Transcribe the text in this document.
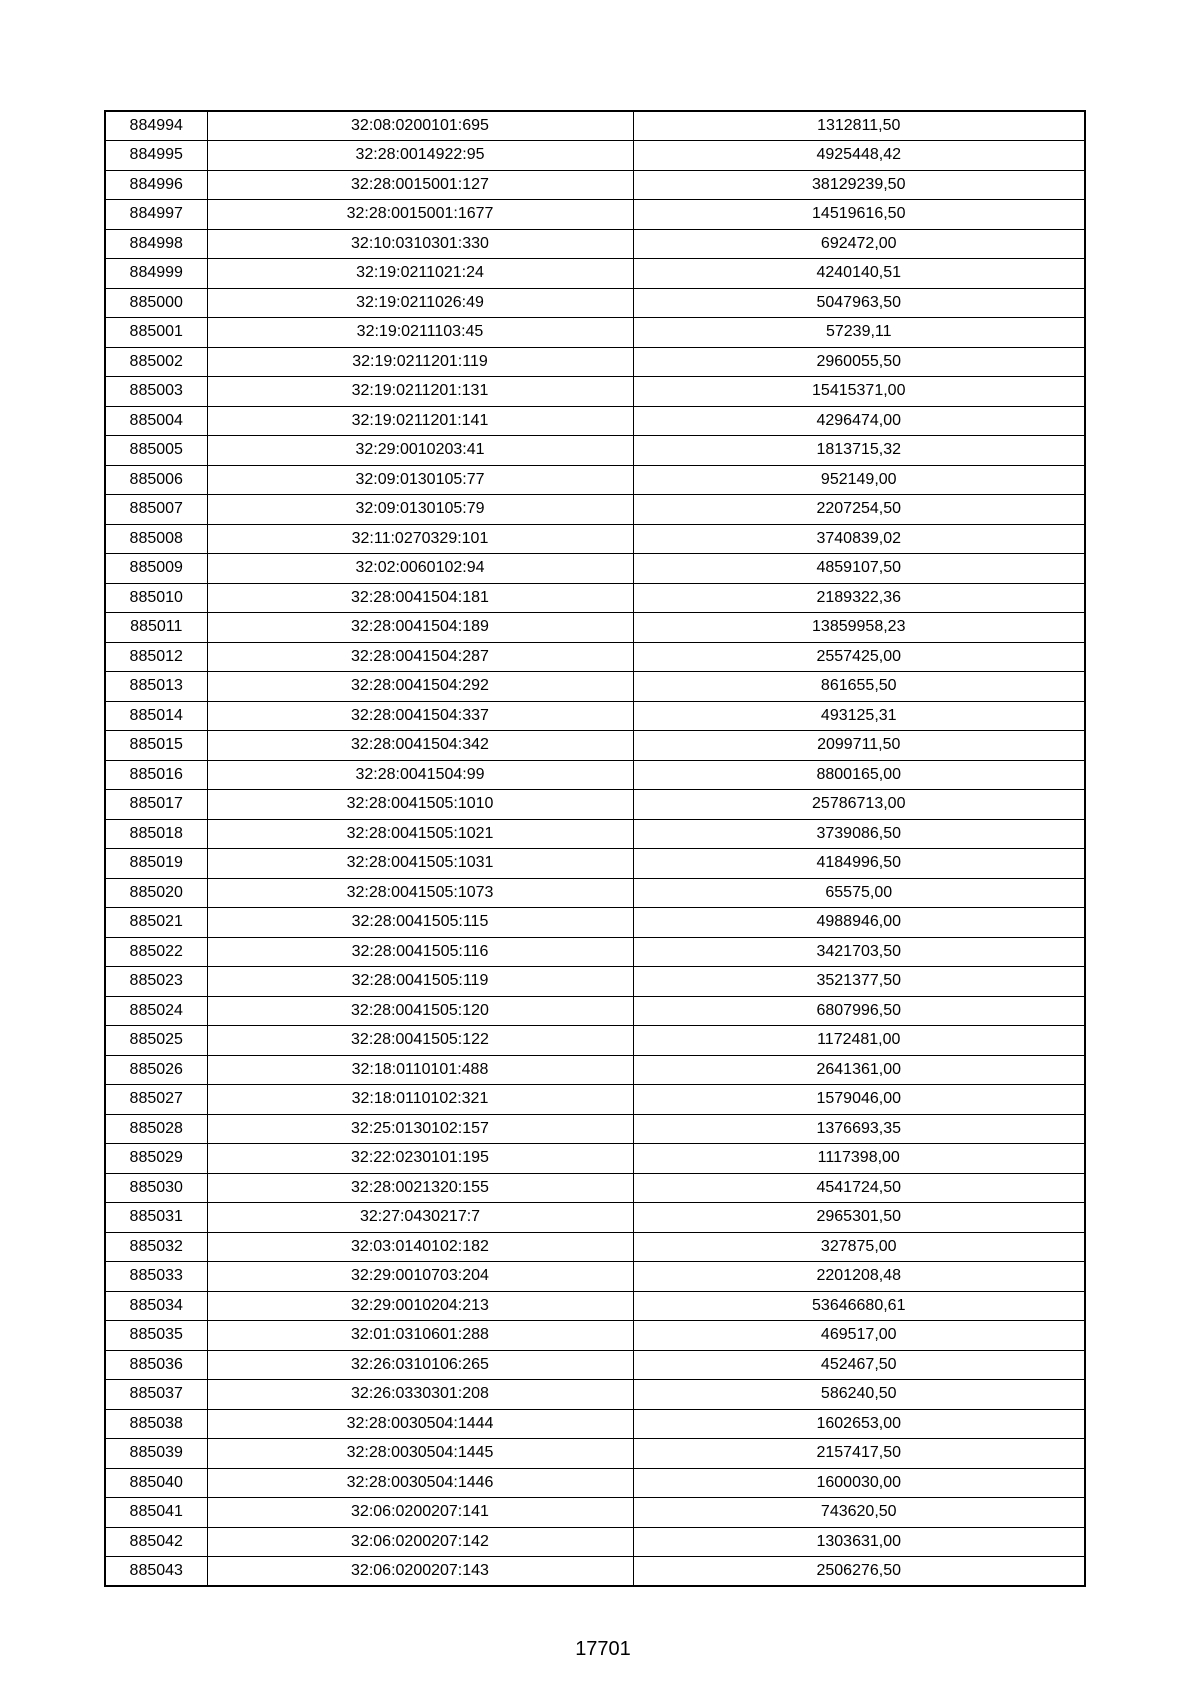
884994	32:08:0200101:695	1312811,50
884995	32:28:0014922:95	4925448,42
884996	32:28:0015001:127	38129239,50
884997	32:28:0015001:1677	14519616,50
884998	32:10:0310301:330	692472,00
884999	32:19:0211021:24	4240140,51
885000	32:19:0211026:49	5047963,50
885001	32:19:0211103:45	57239,11
885002	32:19:0211201:119	2960055,50
885003	32:19:0211201:131	15415371,00
885004	32:19:0211201:141	4296474,00
885005	32:29:0010203:41	1813715,32
885006	32:09:0130105:77	952149,00
885007	32:09:0130105:79	2207254,50
885008	32:11:0270329:101	3740839,02
885009	32:02:0060102:94	4859107,50
885010	32:28:0041504:181	2189322,36
885011	32:28:0041504:189	13859958,23
885012	32:28:0041504:287	2557425,00
885013	32:28:0041504:292	861655,50
885014	32:28:0041504:337	493125,31
885015	32:28:0041504:342	2099711,50
885016	32:28:0041504:99	8800165,00
885017	32:28:0041505:1010	25786713,00
885018	32:28:0041505:1021	3739086,50
885019	32:28:0041505:1031	4184996,50
885020	32:28:0041505:1073	65575,00
885021	32:28:0041505:115	4988946,00
885022	32:28:0041505:116	3421703,50
885023	32:28:0041505:119	3521377,50
885024	32:28:0041505:120	6807996,50
885025	32:28:0041505:122	1172481,00
885026	32:18:0110101:488	2641361,00
885027	32:18:0110102:321	1579046,00
885028	32:25:0130102:157	1376693,35
885029	32:22:0230101:195	1117398,00
885030	32:28:0021320:155	4541724,50
885031	32:27:0430217:7	2965301,50
885032	32:03:0140102:182	327875,00
885033	32:29:0010703:204	2201208,48
885034	32:29:0010204:213	53646680,61
885035	32:01:0310601:288	469517,00
885036	32:26:0310106:265	452467,50
885037	32:26:0330301:208	586240,50
885038	32:28:0030504:1444	1602653,00
885039	32:28:0030504:1445	2157417,50
885040	32:28:0030504:1446	1600030,00
885041	32:06:0200207:141	743620,50
885042	32:06:0200207:142	1303631,00
885043	32:06:0200207:143	2506276,50
17701
